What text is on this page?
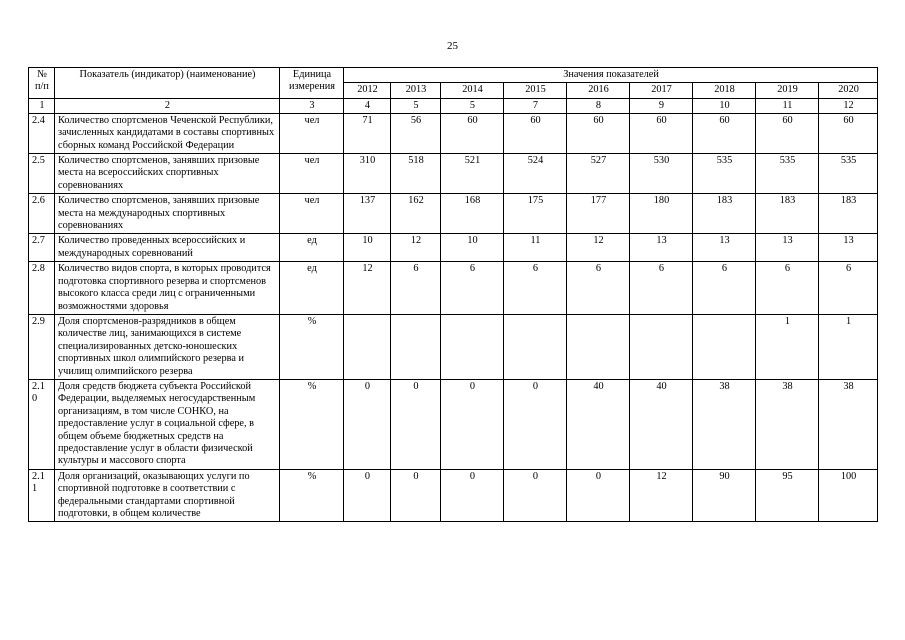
25
№ п/п	Показатель (индикатор) (наименование)	Единица измерения	Значения показателей								
			2012	2013	2014	2015	2016	2017	2018	2019	2020
1	2	3	4	5	5	7	8	9	10	11	12
2.4	Количество спортсменов Чеченской Республики, зачисленных кандидатами в составы спортивных сборных команд Российской Федерации	чел	71	56	60	60	60	60	60	60	60
2.5	Количество спортсменов, занявших призовые места на всероссийских спортивных соревнованиях	чел	310	518	521	524	527	530	535	535	535
2.6	Количество спортсменов, занявших призовые места на международных спортивных соревнованиях	чел	137	162	168	175	177	180	183	183	183
2.7	Количество проведенных всероссийских и международных соревнований	ед	10	12	10	11	12	13	13	13	13
2.8	Количество видов спорта, в которых проводится подготовка спортивного резерва и спортсменов высокого класса среди лиц с ограниченными возможностями здоровья	ед	12	6	6	6	6	6	6	6	6
2.9	Доля спортсменов-разрядников в общем количестве лиц, занимающихся в системе специализированных детско-юношеских спортивных школ олимпийского резерва и училищ олимпийского резерва	%								1	1
2.1 0	Доля средств бюджета субъекта Российской Федерации, выделяемых негосударственным организациям, в том числе СОНКО, на предоставление услуг в социальной сфере, в общем объеме бюджетных средств на предоставление услуг в области физической культуры и массового спорта	%	0	0	0	0	40	40	38	38	38
2.1 1	Доля организаций, оказывающих услуги по спортивной подготовке в соответствии с федеральными стандартами спортивной подготовки, в общем количестве	%	0	0	0	0	0	12	90	95	100
